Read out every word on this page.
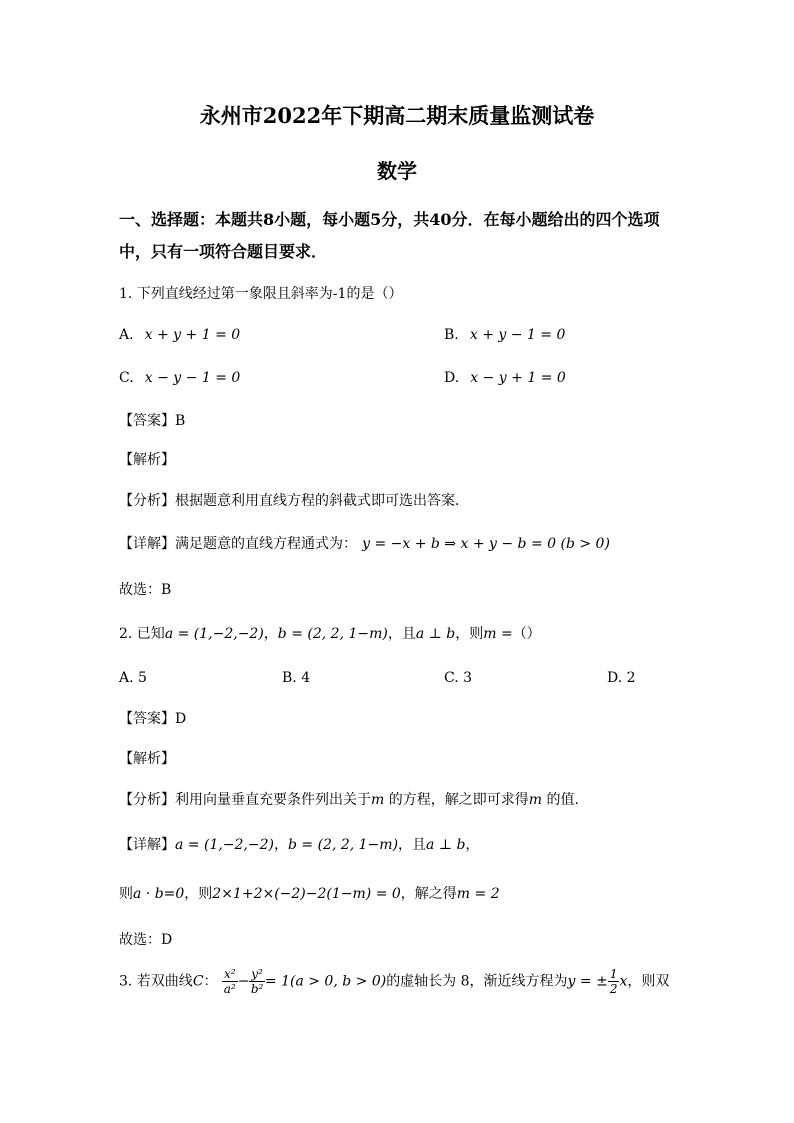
永州市2022年下期高二期末质量监测试卷
数学
一、选择题：本题共8小题，每小题5分，共40分．在每小题给出的四个选项
中，只有一项符合题目要求．
1. 下列直线经过第一象限且斜率为-1的是（）
A. x + y + 1 = 0	B. x + y − 1 = 0
C. x − y − 1 = 0	D. x − y + 1 = 0
【答案】B
【解析】
【分析】根据题意利用直线方程的斜截式即可选出答案．
【详解】满足题意的直线方程通式为： y = −x + b ⇒ x + y − b = 0 (b > 0)
故选：B
2. 已知a = (1,−2,−2)，b = (2, 2, 1−m)，且a ⊥ b，则m =（）
A. 5	B. 4	C. 3	D. 2
【答案】D
【解析】
【分析】利用向量垂直充要条件列出关于m 的方程，解之即可求得m 的值.
【详解】a = (1,−2,−2)，b = (2, 2, 1−m)，且a ⊥ b，
则a · b=0，则2×1+2×(−2)−2(1−m) = 0，解之得m = 2
故选：D
3. 若双曲线C： $\frac{\text{x²}}{\text{a²}} - \frac{\text{y²}}{\text{b²}} = 1(a > 0$, b > 0)的虚轴长为 8，渐近线方程为y = ± $\frac{1}{2}$ x，则双
